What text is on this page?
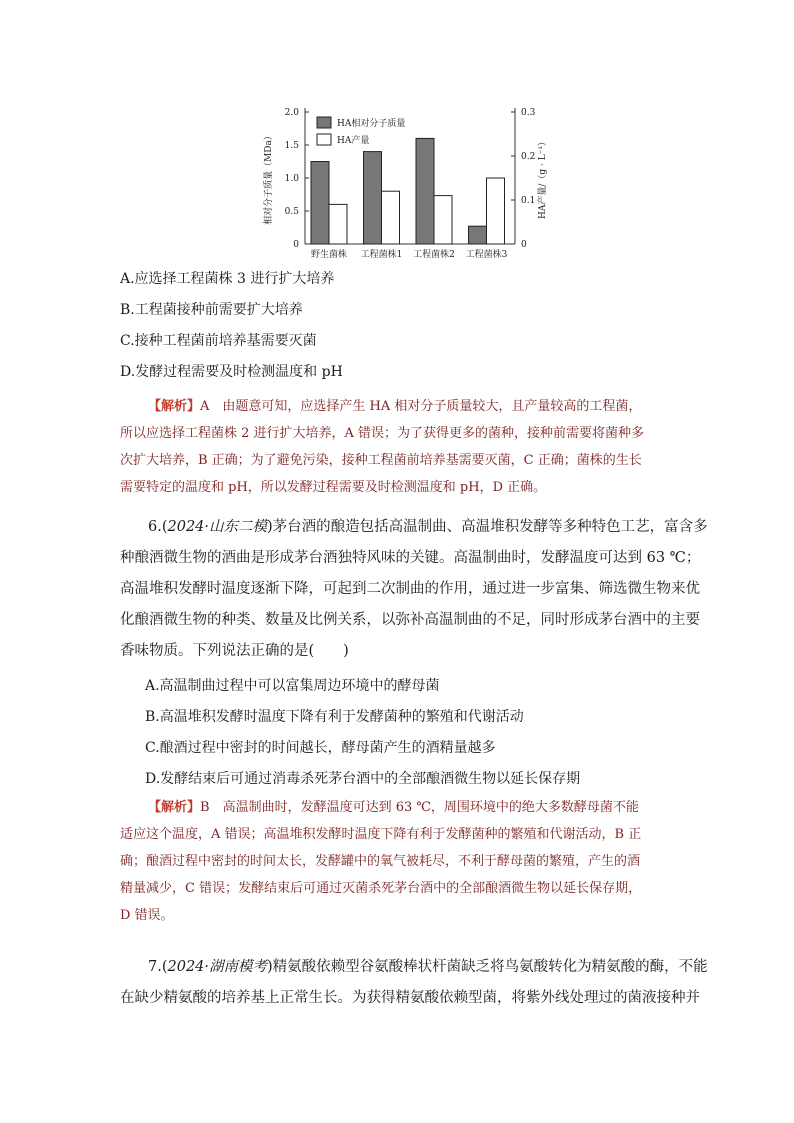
0
0.5
1.0
1.5
2.0
0
0.1
0.2
0.3
相对分子质量（MDa）	HA产量/（g · L⁻¹）
野生菌株 工程菌株1 工程菌株2 工程菌株3
HA相对分子质量
HA产量

A.应选择工程菌株 3 进行扩大培养

B.工程菌接种前需要扩大培养

C.接种工程菌前培养基需要灭菌

D.发酵过程需要及时检测温度和 pH

【解析】A　由题意可知，应选择产生 HA 相对分子质量较大，且产量较高的工程菌，
所以应选择工程菌株 2 进行扩大培养，A 错误；为了获得更多的菌种，接种前需要将菌种多
次扩大培养，B 正确；为了避免污染，接种工程菌前培养基需要灭菌，C 正确；菌株的生长
需要特定的温度和 pH，所以发酵过程需要及时检测温度和 pH，D 正确。

6.(2024·山东二模)茅台酒的酿造包括高温制曲、高温堆积发酵等多种特色工艺，富含多
种酿酒微生物的酒曲是形成茅台酒独特风味的关键。高温制曲时，发酵温度可达到 63 ℃；
高温堆积发酵时温度逐渐下降，可起到二次制曲的作用，通过进一步富集、筛选微生物来优
化酿酒微生物的种类、数量及比例关系，以弥补高温制曲的不足，同时形成茅台酒中的主要
香味物质。下列说法正确的是(　　)

A.高温制曲过程中可以富集周边环境中的酵母菌

B.高温堆积发酵时温度下降有利于发酵菌种的繁殖和代谢活动

C.酿酒过程中密封的时间越长，酵母菌产生的酒精量越多

D.发酵结束后可通过消毒杀死茅台酒中的全部酿酒微生物以延长保存期

【解析】B　高温制曲时，发酵温度可达到 63 ℃，周围环境中的绝大多数酵母菌不能
适应这个温度，A 错误；高温堆积发酵时温度下降有利于发酵菌种的繁殖和代谢活动，B 正
确；酿酒过程中密封的时间太长，发酵罐中的氧气被耗尽，不利于酵母菌的繁殖，产生的酒
精量减少，C 错误；发酵结束后可通过灭菌杀死茅台酒中的全部酿酒微生物以延长保存期，
D 错误。

7.(2024·湖南模考)精氨酸依赖型谷氨酸棒状杆菌缺乏将鸟氨酸转化为精氨酸的酶，不能
在缺少精氨酸的培养基上正常生长。为获得精氨酸依赖型菌，将紫外线处理过的菌液接种并
